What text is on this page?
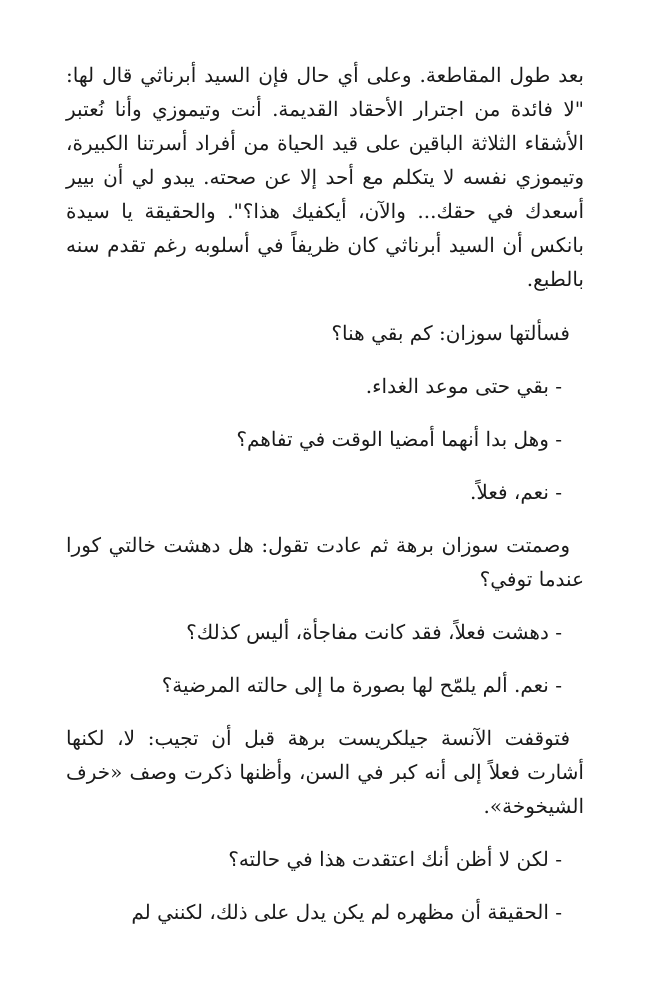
بعد طول المقاطعة. وعلى أي حال فإن السيد أبرناثي قال لها: "لا فائدة من اجترار الأحقاد القديمة. أنت وتيموزي وأنا نُعتبر الأشقاء الثلاثة الباقين على قيد الحياة من أفراد أسرتنا الكبيرة، وتيموزي نفسه لا يتكلم مع أحد إلا عن صحته. يبدو لي أن بيير أسعدك في حقك... والآن، أيكفيك هذا؟". والحقيقة يا سيدة بانكس أن السيد أبرناثي كان ظريفاً في أسلوبه رغم تقدم سنه بالطبع.

فسألتها سوزان: كم بقي هنا؟

- بقي حتى موعد الغداء.

- وهل بدا أنهما أمضيا الوقت في تفاهم؟

- نعم، فعلاً.

وصمتت سوزان برهة ثم عادت تقول: هل دهشت خالتي كورا عندما توفي؟

- دهشت فعلاً، فقد كانت مفاجأة، أليس كذلك؟

- نعم. ألم يلمّح لها بصورة ما إلى حالته المرضية؟

فتوقفت الآنسة جيلكريست برهة قبل أن تجيب: لا، لكنها أشارت فعلاً إلى أنه كبر في السن، وأظنها ذكرت وصف «خرف الشيخوخة».

- لكن لا أظن أنك اعتقدت هذا في حالته؟

- الحقيقة أن مظهره لم يكن يدل على ذلك، لكنني لم
